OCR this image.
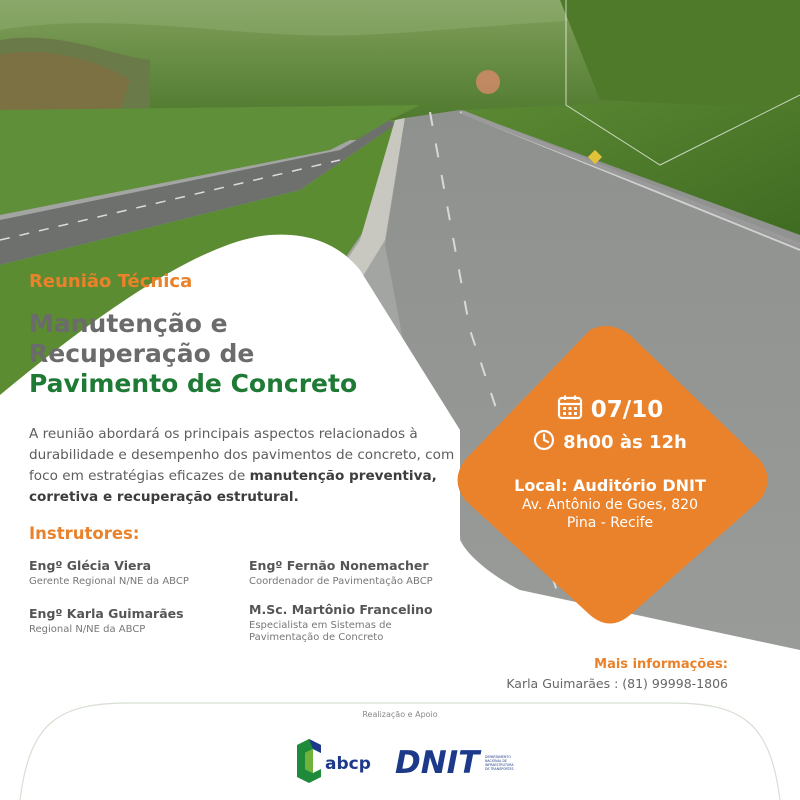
Reunião Técnica
Manutenção e
Recuperação de
Pavimento de Concreto
A reunião abordará os principais aspectos relacionados à durabilidade e desempenho dos pavimentos de concreto, com foco em estratégias eficazes de manutenção preventiva, corretiva e recuperação estrutural.
Instrutores:
Engº Glécia Viera
Gerente Regional N/NE da ABCP
Engº Karla Guimarães
Regional N/NE da ABCP
Engº Fernão Nonemacher
Coordenador de Pavimentação ABCP
M.Sc. Martônio Francelino
Especialista em Sistemas de Pavimentação de Concreto
07/10
8h00 às 12h
Local: Auditório DNIT
Av. Antônio de Goes, 820
Pina - Recife
Mais informações:
Karla Guimarães : (81) 99998-1806
Realização e Apoio
abcp DNIT	DEPARTAMENTO
NACIONAL DE
INFRAESTRUTURA
DE TRANSPORTES
